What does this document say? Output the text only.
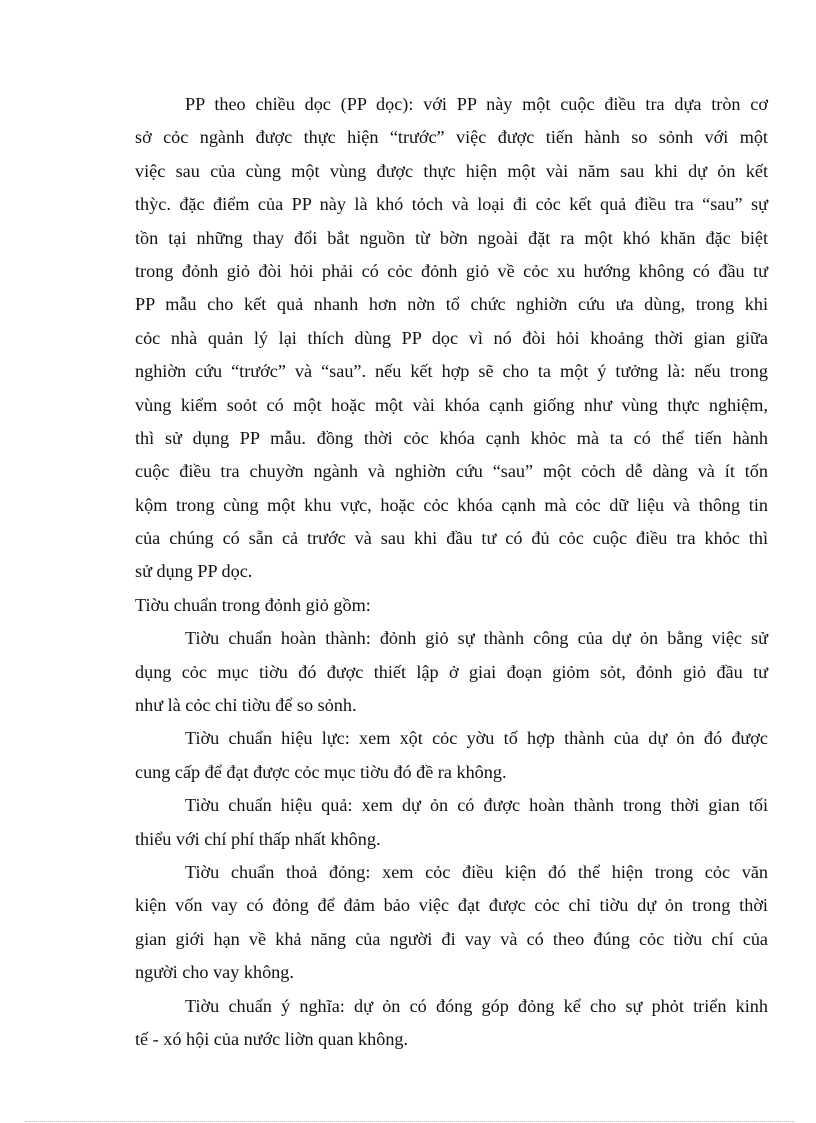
PP theo chiều dọc (PP dọc): với PP này một cuộc điều tra dựa tròn cơ
sở cỏc ngành được thực hiện “trước” việc được tiến hành so sỏnh với một
việc sau của cùng một vùng được thực hiện một vài năm sau khi dự ỏn kết
thỳc. đặc điểm của PP này là khó tỏch và loại đi cỏc kết quả điều tra “sau” sự
tồn tại những thay đổi bắt nguồn từ bờn ngoài đặt ra một khó khăn đặc biệt
trong đỏnh giỏ đòi hỏi phải có cỏc đỏnh giỏ về cỏc xu hướng không có đầu tư
PP mẫu cho kết quả nhanh hơn nờn tổ chức nghiờn cứu ưa dùng, trong khi
cỏc nhà quản lý lại thích dùng PP dọc vì nó đòi hỏi khoảng thời gian giữa
nghiờn cứu “trước” và “sau”. nếu kết hợp sẽ cho ta một ý tưởng là: nếu trong
vùng kiểm soỏt có một hoặc một vài khóa cạnh giống như vùng thực nghiệm,
thì sử dụng PP mẫu. đồng thời cỏc khóa cạnh khỏc mà ta có thể tiến hành
cuộc điều tra chuyờn ngành và nghiờn cứu “sau” một cỏch dễ dàng và ít tốn
kộm trong cùng một khu vực, hoặc cỏc khóa cạnh mà cỏc dữ liệu và thông tin
của chúng có sẵn cả trước và sau khi đầu tư có đủ cỏc cuộc điều tra khỏc thì
sử dụng PP dọc.
Tiờu chuẩn trong đỏnh giỏ gồm:
Tiờu chuẩn hoàn thành: đỏnh giỏ sự thành công của dự ỏn bằng việc sử
dụng cỏc mục tiờu đó được thiết lập ở giai đoạn giỏm sỏt, đỏnh giỏ đầu tư
như là cỏc chỉ tiờu để so sỏnh.
Tiờu chuẩn hiệu lực: xem xột cỏc yờu tố hợp thành của dự ỏn đó được
cung cấp để đạt được cỏc mục tiờu đó đề ra không.
Tiờu chuẩn hiệu quả: xem dự ỏn có được hoàn thành trong thời gian tối
thiểu với chí phí thấp nhất không.
Tiờu chuẩn thoả đỏng: xem cỏc điều kiện đó thể hiện trong cỏc văn
kiện vốn vay có đỏng để đảm bảo việc đạt được cỏc chỉ tiờu dự ỏn trong thời
gian giới hạn về khả năng của người đi vay và có theo đúng cỏc tiờu chí của
người cho vay không.
Tiờu chuẩn ý nghĩa: dự ỏn có đóng góp đỏng kể cho sự phỏt triển kinh
tế - xó hội của nước liờn quan không.
